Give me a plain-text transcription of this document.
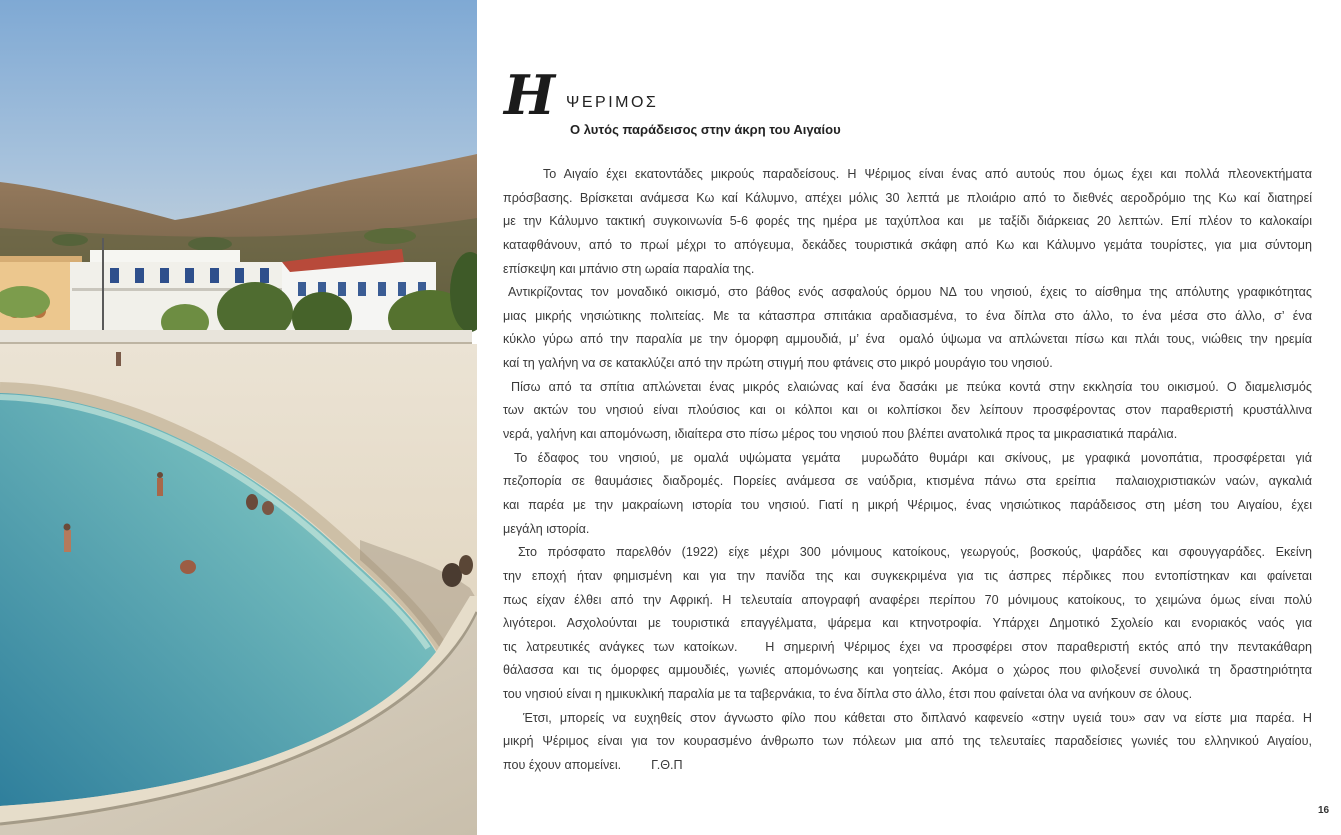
Η ΨΕΡΙΜΟΣ
Ο λυτός παράδεισος στην άκρη του Αιγαίου
Το Αιγαίο έχει εκατοντάδες μικρούς παραδείσους. Η Ψέριμος είναι ένας από αυτούς που όμως έχει και πολλά πλεονεκτήματα
πρόσβασης. Βρίσκεται ανάμεσα Κω καί Κάλυμνο, απέχει μόλις 30 λεπτά με πλοιάριο από το διεθνές αεροδρόμιο της Κω καί διατηρεί
με την Κάλυμνο τακτική συγκοινωνία 5-6 φορές της ημέρα με ταχύπλοα και  με ταξίδι διάρκειας 20 λεπτών. Επί πλέον το καλοκαίρι
καταφθάνουν, από το πρωί μέχρι το απόγευμα, δεκάδες τουριστικά σκάφη από Κω και Κάλυμνο γεμάτα τουρίστες, για μια σύντομη
επίσκεψη και μπάνιο στη ωραία παραλία της.
Αντικρίζοντας τον μοναδικό οικισμό, στο βάθος ενός ασφαλούς όρμου ΝΔ του νησιού, έχεις το αίσθημα της απόλυτης γραφικότητας
μιας μικρής νησιώτικης πολιτείας. Με τα κάτασπρα σπιτάκια αραδιασμένα, το ένα δίπλα στο άλλο, το ένα μέσα στο άλλο, σ’ ένα
κύκλο γύρω από την παραλία με την όμορφη αμμουδιά, μ’ ένα  ομαλό ύψωμα να απλώνεται πίσω και πλάι τους, νιώθεις την ηρεμία
καί τη γαλήνη να σε κατακλύζει από την πρώτη στιγμή που φτάνεις στο μικρό μουράγιο του νησιού.
Πίσω από τα σπίτια απλώνεται ένας μικρός ελαιώνας καί ένα δασάκι με πεύκα κοντά στην εκκλησία του οικισμού. Ο διαμελισμός
των ακτών του νησιού είναι πλούσιος και οι κόλποι και οι κολπίσκοι δεν λείπουν προσφέροντας στον παραθεριστή κρυστάλλινα
νερά, γαλήνη και απομόνωση, ιδιαίτερα στο πίσω μέρος του νησιού που βλέπει ανατολικά προς τα μικρασιατικά παράλια.
Το έδαφος του νησιού, με ομαλά υψώματα γεμάτα  μυρωδάτο θυμάρι και σκίνους, με γραφικά μονοπάτια, προσφέρεται γιά
πεζοπορία σε θαυμάσιες διαδρομές. Πορείες ανάμεσα σε ναύδρια, κτισμένα πάνω στα ερείπια  παλαιοχριστιακών ναών, αγκαλιά
και παρέα με την μακραίωνη ιστορία του νησιού. Γιατί η μικρή Ψέριμος, ένας νησιώτικος παράδεισος στη μέση του Αιγαίου, έχει
μεγάλη ιστορία.
Στο πρόσφατο παρελθόν (1922) είχε μέχρι 300 μόνιμους κατοίκους, γεωργούς, βοσκούς, ψαράδες και σφουγγαράδες. Εκείνη
την εποχή ήταν φημισμένη και για την πανίδα της και συγκεκριμένα για τις άσπρες πέρδικες που εντοπίστηκαν και φαίνεται
πως είχαν έλθει από την Αφρική. Η τελευταία απογραφή αναφέρει περίπου 70 μόνιμους κατοίκους, το χειμώνα όμως είναι πολύ
λιγότεροι. Ασχολούνται με τουριστικά επαγγέλματα, ψάρεμα και κτηνοτροφία. Υπάρχει Δημοτικό Σχολείο και ενοριακός ναός για
τις λατρευτικές ανάγκες των κατοίκων.   Η σημερινή Ψέριμος έχει να προσφέρει στον παραθεριστή εκτός από την πεντακάθαρη
θάλασσα και τις όμορφες αμμουδιές, γωνιές απομόνωσης και γοητείας. Ακόμα ο χώρος που φιλοξενεί συνολικά τη δραστηριότητα
του νησιού είναι η ημικυκλική παραλία με τα ταβερνάκια, το ένα δίπλα στο άλλο, έτσι που φαίνεται όλα να ανήκουν σε όλους.
Έτσι, μπορείς να ευχηθείς στον άγνωστο φίλο που κάθεται στο διπλανό καφενείο «στην υγειά του» σαν να είστε μια παρέα. Η
μικρή Ψέριμος είναι για τον κουρασμένο άνθρωπο των πόλεων μια από της τελευταίες παραδείσιες γωνιές του ελληνικού Αιγαίου,
που έχουν απομείνει. Γ.Θ.Π
16
